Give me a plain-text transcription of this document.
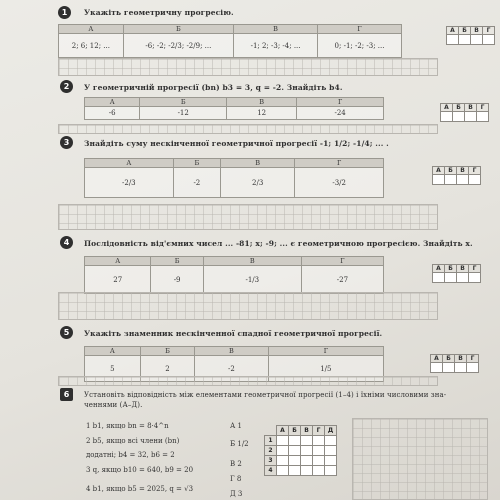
1	Укажіть геометричну прогресію.
А	Б	В	Г
2; 6; 12; ...	-6; -2; -2/3; -2/9; ...	-1; 2; -3; -4; ...	0; -1; -2; -3; ...
А	Б	В	Г

2	У геометричній прогресії (bn) b3 = 3, q = -2. Знайдіть b4.
А	Б	В	Г
-6	-12	12	-24
А	Б	В	Г

3	Знайдіть суму нескінченної геометричної прогресії -1; 1/2; -1/4; ... .
А	Б	В	Г
-2/3	-2	2/3	-3/2
А	Б	В	Г

4	Послідовність від'ємних чисел ... -81; x; -9; ... є геометричною прогресією. Знайдіть x.
А	Б	В	Г
27	-9	-1/3	-27
А	Б	В	Г

5	Укажіть знаменник нескінченної спадної геометричної прогресії.
А	Б	В	Г
5	2	-2	1/5
А	Б	В	Г

6	Установіть відповідність між елементами геометричної прогресії (1–4) і їхніми числовими зна-
ченнями (А–Д).
1 b1, якщо bn = 8·4^n
2 b5, якщо всі члени (bn)
додатні; b4 = 32, b6 = 2
3 q, якщо b10 = 640, b9 = 20
4 b1, якщо b5 = 2025, q = √3
А 1
Б 1/2
В 2
Г 8
Д 3
	А	Б	В	Г	Д
1					
2					
3					
4					
